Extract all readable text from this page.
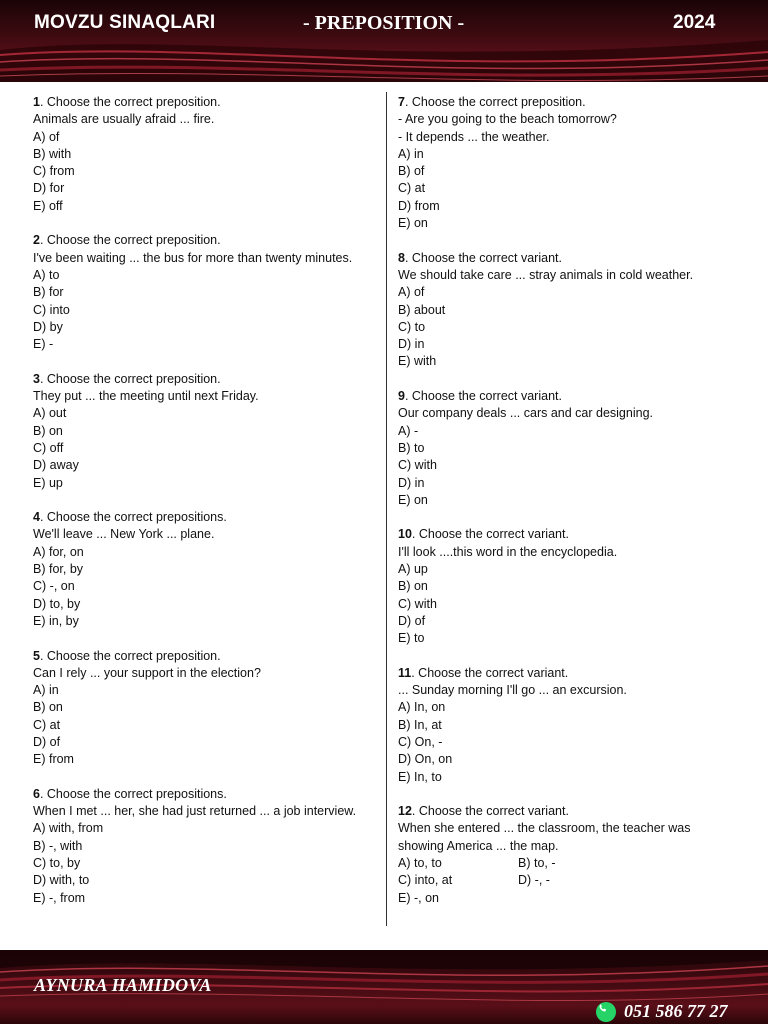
MOVZU SINAQLARI	- PREPOSITION -	2024
1. Choose the correct preposition.
Animals are usually afraid ... fire.
A) of
B) with
C) from
D) for
E) off
2. Choose the correct preposition.
I've been waiting ... the bus for more than twenty minutes.
A) to
B) for
C) into
D) by
E) -
3. Choose the correct preposition.
They put ... the meeting until next Friday.
A) out
B) on
C) off
D) away
E) up
4. Choose the correct prepositions.
We'll leave ... New York ... plane.
A) for, on
B) for, by
C) -, on
D) to, by
E) in, by
5. Choose the correct preposition.
Can I rely ... your support in the election?
A) in
B) on
C) at
D) of
E) from
6. Choose the correct prepositions.
When I met ... her, she had just returned ... a job interview.
A) with, from
B) -, with
C) to, by
D) with, to
E) -, from
7. Choose the correct preposition.
- Are you going to the beach tomorrow?
- It depends ... the weather.
A) in
B) of
C) at
D) from
E) on
8. Choose the correct variant.
We should take care ... stray animals in cold weather.
A) of
B) about
C) to
D) in
E) with
9. Choose the correct variant.
Our company deals ... cars and car designing.
A) -
B) to
C) with
D) in
E) on
10. Choose the correct variant.
I'll look ....this word in the encyclopedia.
A) up
B) on
C) with
D) of
E) to
11. Choose the correct variant.
... Sunday morning I'll go ... an excursion.
A) In, on
B) In, at
C) On, -
D) On, on
E) In, to
12. Choose the correct variant.
When she entered ... the classroom, the teacher was
showing America ... the map.
A) to, to	B) to, -
C) into, at	D) -, -
E) -, on
AYNURA HAMIDOVA
051 586 77 27
